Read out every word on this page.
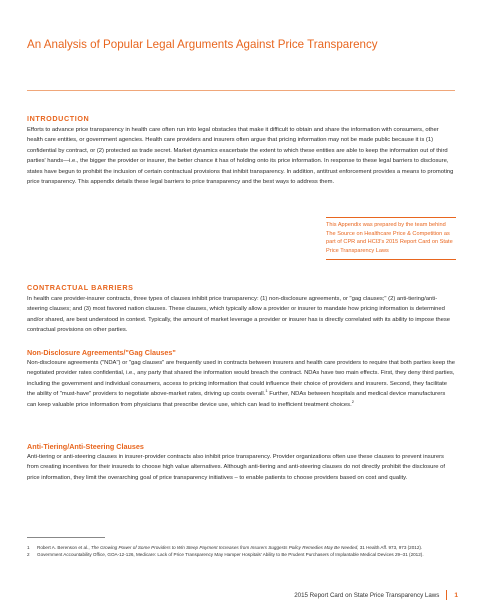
An Analysis of Popular Legal Arguments Against Price Transparency
INTRODUCTION

Efforts to advance price transparency in health care often run into legal obstacles that make it difficult to obtain and share the information with consumers, other health care entities, or government agencies. Health care providers and insurers often argue that pricing information may not be made public because it is (1) confidential by contract, or (2) protected as trade secret. Market dynamics exacerbate the extent to which these entities are able to keep the information out of third parties' hands—i.e., the bigger the provider or insurer, the better chance it has of holding onto its price information. In response to these legal barriers to disclosure, states have begun to prohibit the inclusion of certain contractual provisions that inhibit transparency. In addition, antitrust enforcement provides a means to promoting price transparency. This appendix details these legal barriers to price transparency and the best ways to address them.

This Appendix was prepared by the team behind The Source on Healthcare Price & Competition as part of CPR and HCI3's 2015 Report Card on State Price Transparency Laws
CONTRACTUAL BARRIERS

In health care provider-insurer contracts, three types of clauses inhibit price transparency: (1) non-disclosure agreements, or "gag clauses;" (2) anti-tiering/anti-steering clauses; and (3) most favored nation clauses. These clauses, which typically allow a provider or insurer to mandate how pricing information is determined and/or shared, are best understood in context. Typically, the amount of market leverage a provider or insurer has is directly correlated with its ability to impose these contractual provisions on other parties.

Non-Disclosure Agreements/"Gag Clauses"

Non-disclosure agreements ("NDA") or "gag clauses" are frequently used in contracts between insurers and health care providers to require that both parties keep the negotiated provider rates confidential, i.e., any party that shared the information would breach the contract. NDAs have two main effects. First, they deny third parties, including the government and individual consumers, access to pricing information that could influence their choice of providers and insurers. Second, they facilitate the ability of "must-have" providers to negotiate above-market rates, driving up costs overall.$^1$ Further, NDAs between hospitals and medical device manufacturers can keep valuable price information from physicians that prescribe device use, which can lead to inefficient treatment choices.$^2$

Anti-Tiering/Anti-Steering Clauses

Anti-tiering or anti-steering clauses in insurer-provider contracts also inhibit price transparency. Provider organizations often use these clauses to prevent insurers from creating incentives for their insureds to choose high value alternatives. Although anti-tiering and anti-steering clauses do not directly prohibit the disclosure of price information, they limit the overarching goal of price transparency initiatives – to enable patients to choose providers based on cost and quality.

1	Robert A. Berenson et al., The Growing Power of Some Providers to Win Steep Payment Increases from Insurers Suggests Policy Remedies May Be Needed, 31 Health Aff. 973, 973 (2012).
2	Government Accountability Office, GOA-12-126, Medicare: Lack of Price Transparency May Hamper Hospitals' Ability to Be Prudent Purchasers of Implantable Medical Devices 29–31 (2012).
2015 Report Card on State Price Transparency Laws 1
